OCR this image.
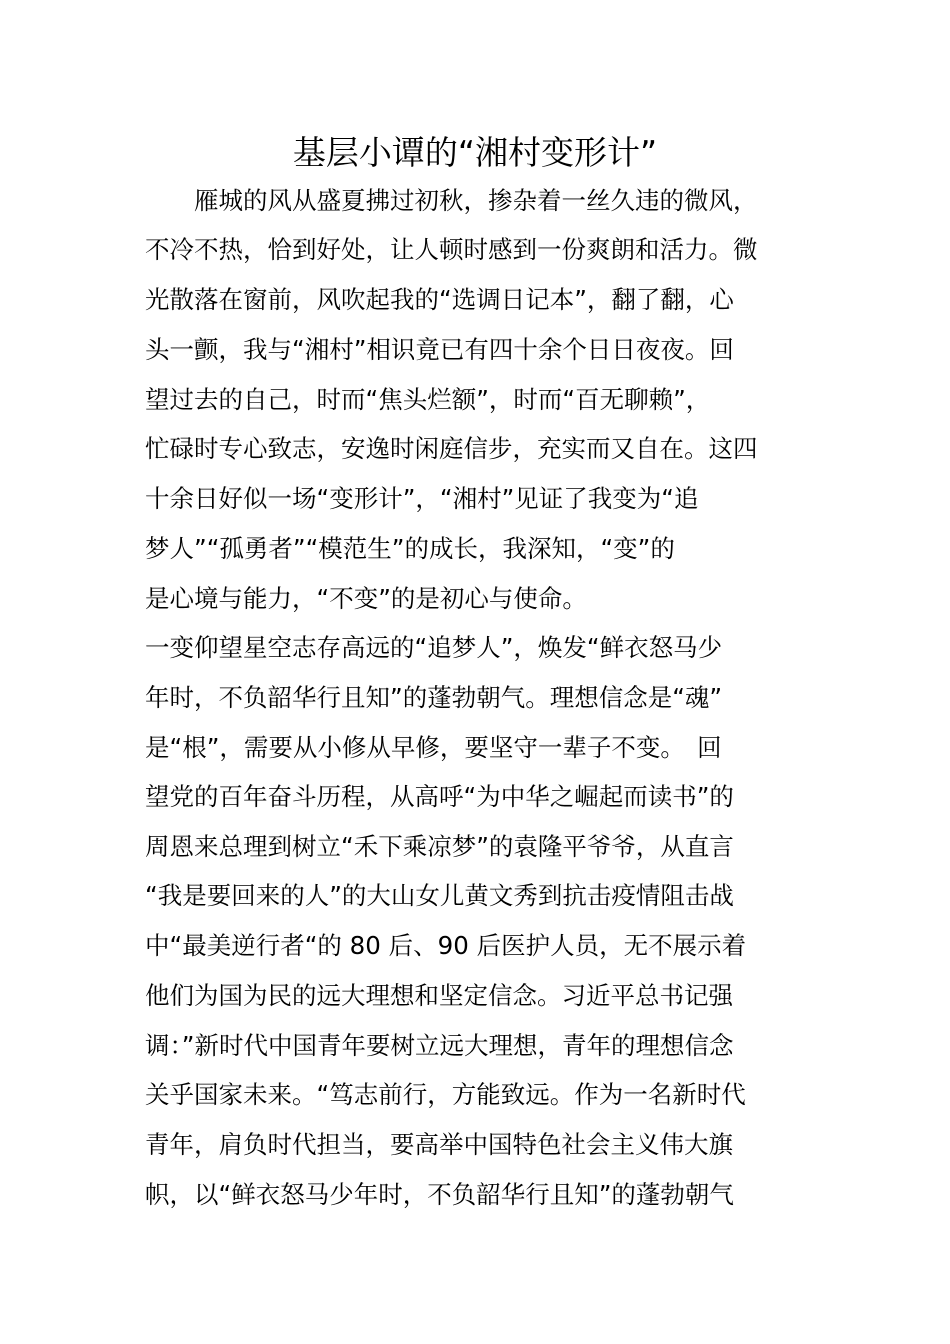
基层小谭的“湘村变形计”
　　雁城的风从盛夏拂过初秋，掺杂着一丝久违的微风，
不冷不热，恰到好处，让人顿时感到一份爽朗和活力。微
光散落在窗前，风吹起我的“选调日记本”，翻了翻，心
头一颤，我与“湘村”相识竟已有四十余个日日夜夜。回
望过去的自己，时而“焦头烂额”，时而“百无聊赖”，
忙碌时专心致志，安逸时闲庭信步，充实而又自在。这四
十余日好似一场“变形计”，“湘村”见证了我变为“追
梦人”“孤勇者”“模范生”的成长，我深知，“变”的
是心境与能力，“不变”的是初心与使命。
一变仰望星空志存高远的“追梦人”，焕发“鲜衣怒马少
年时，不负韶华行且知”的蓬勃朝气。理想信念是“魂”
是“根”，需要从小修从早修，要坚守一辈子不变。　回
望党的百年奋斗历程，从高呼“为中华之崛起而读书”的
周恩来总理到树立“禾下乘凉梦”的袁隆平爷爷，从直言
“我是要回来的人”的大山女儿黄文秀到抗击疫情阻击战
中“最美逆行者“的 80 后、90 后医护人员，无不展示着
他们为国为民的远大理想和坚定信念。习近平总书记强
调：”新时代中国青年要树立远大理想，青年的理想信念
关乎国家未来。“笃志前行，方能致远。作为一名新时代
青年，肩负时代担当，要高举中国特色社会主义伟大旗
帜，以“鲜衣怒马少年时，不负韶华行且知”的蓬勃朝气
